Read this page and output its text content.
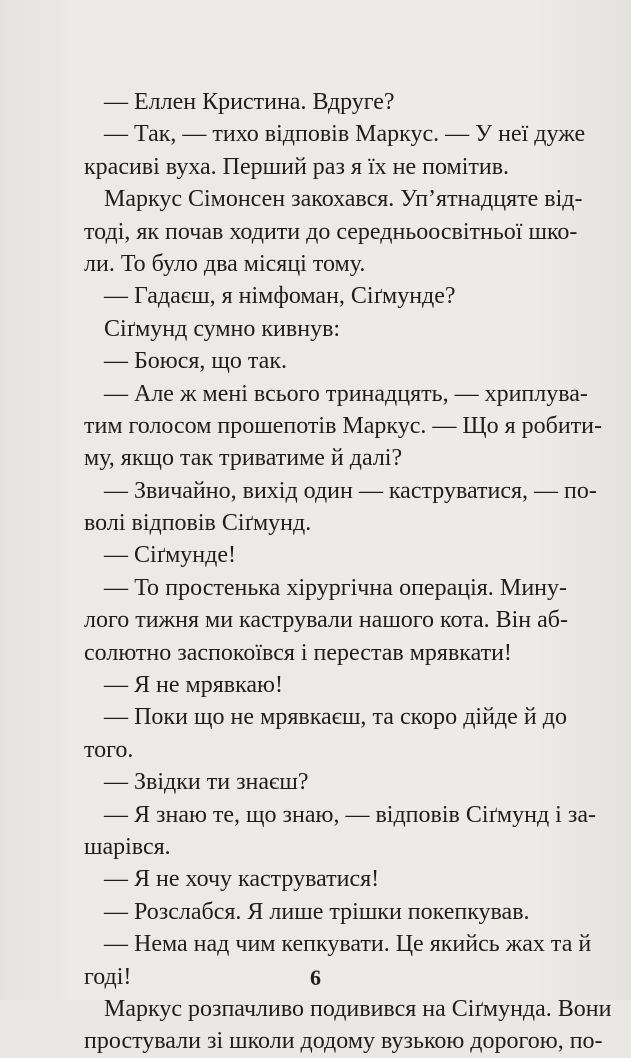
— Еллен Кристина. Вдруге?
— Так, — тихо відповів Маркус. — У неї дуже
красиві вуха. Перший раз я їх не помітив.
Маркус Сімонсен закохався. Уп’ятнадцяте від-
тоді, як почав ходити до середньоосвітньої шко-
ли. То було два місяці тому.
— Гадаєш, я німфоман, Сіґмунде?
Сіґмунд сумно кивнув:
— Боюся, що так.
— Але ж мені всього тринадцять, — хриплува-
тим голосом прошепотів Маркус. — Що я робити-
му, якщо так триватиме й далі?
— Звичайно, вихід один — каструватися, — по-
волі відповів Сіґмунд.
— Сіґмунде!
— То простенька хірургічна операція. Мину-
лого тижня ми кастрували нашого кота. Він аб-
солютно заспокоївся і перестав мрявкати!
— Я не мрявкаю!
— Поки що не мрявкаєш, та скоро дійде й до
того.
— Звідки ти знаєш?
— Я знаю те, що знаю, — відповів Сіґмунд і за-
шарівся.
— Я не хочу каструватися!
— Розслабся. Я лише трішки покепкував.
— Нема над чим кепкувати. Це якийсь жах та й
годі!
Маркус розпачливо подивився на Сіґмунда. Вони
простували зі школи додому вузькою дорогою, по-
6
